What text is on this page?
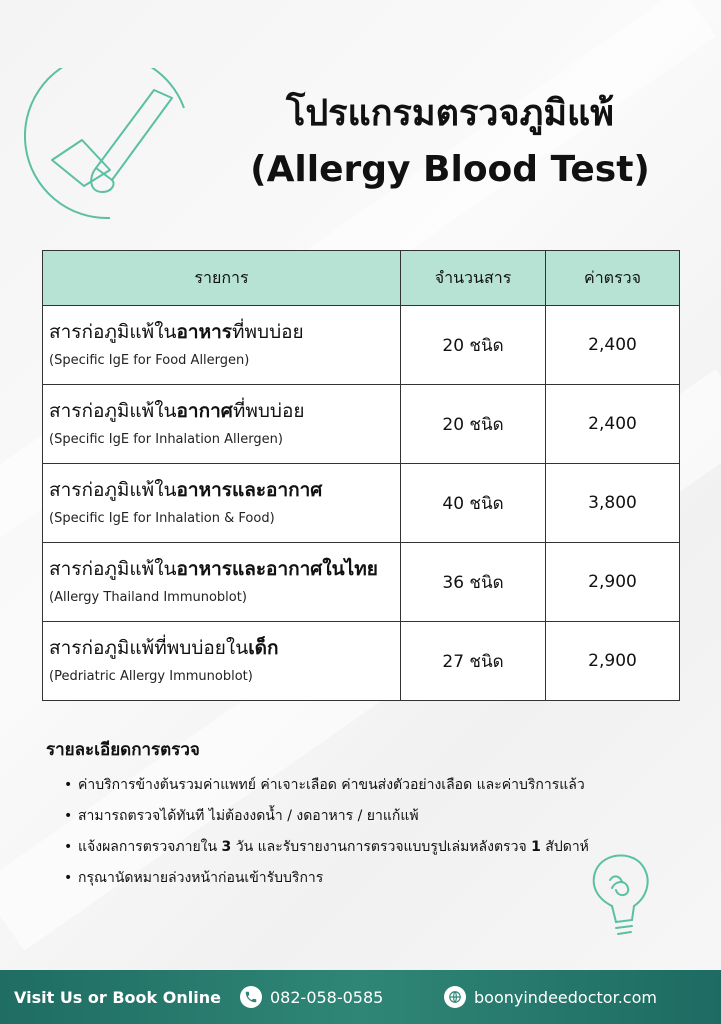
โปรแกรมตรวจภูมิแพ้
(Allergy Blood Test)
รายการ	จำนวนสาร	ค่าตรวจ

สารก่อภูมิแพ้ในอาหารที่พบบ่อย
(Specific IgE for Food Allergen)	20 ชนิด	2,400

สารก่อภูมิแพ้ในอากาศที่พบบ่อย
(Specific IgE for Inhalation Allergen)	20 ชนิด	2,400

สารก่อภูมิแพ้ในอาหารและอากาศ
(Specific IgE for Inhalation & Food)	40 ชนิด	3,800

สารก่อภูมิแพ้ในอาหารและอากาศในไทย
(Allergy Thailand Immunoblot)	36 ชนิด	2,900

สารก่อภูมิแพ้ที่พบบ่อยในเด็ก
(Pedriatric Allergy Immunoblot)	27 ชนิด	2,900
รายละเอียดการตรวจ
• ค่าบริการข้างต้นรวมค่าแพทย์ ค่าเจาะเลือด ค่าขนส่งตัวอย่างเลือด และค่าบริการแล้ว
• สามารถตรวจได้ทันที ไม่ต้องงดน้ำ / งดอาหาร / ยาแก้แพ้
• แจ้งผลการตรวจภายใน 3 วัน และรับรายงานการตรวจแบบรูปเล่มหลังตรวจ 1 สัปดาห์
• กรุณานัดหมายล่วงหน้าก่อนเข้ารับบริการ
Visit Us or Book Online	082-058-0585	boonyindeedoctor.com
